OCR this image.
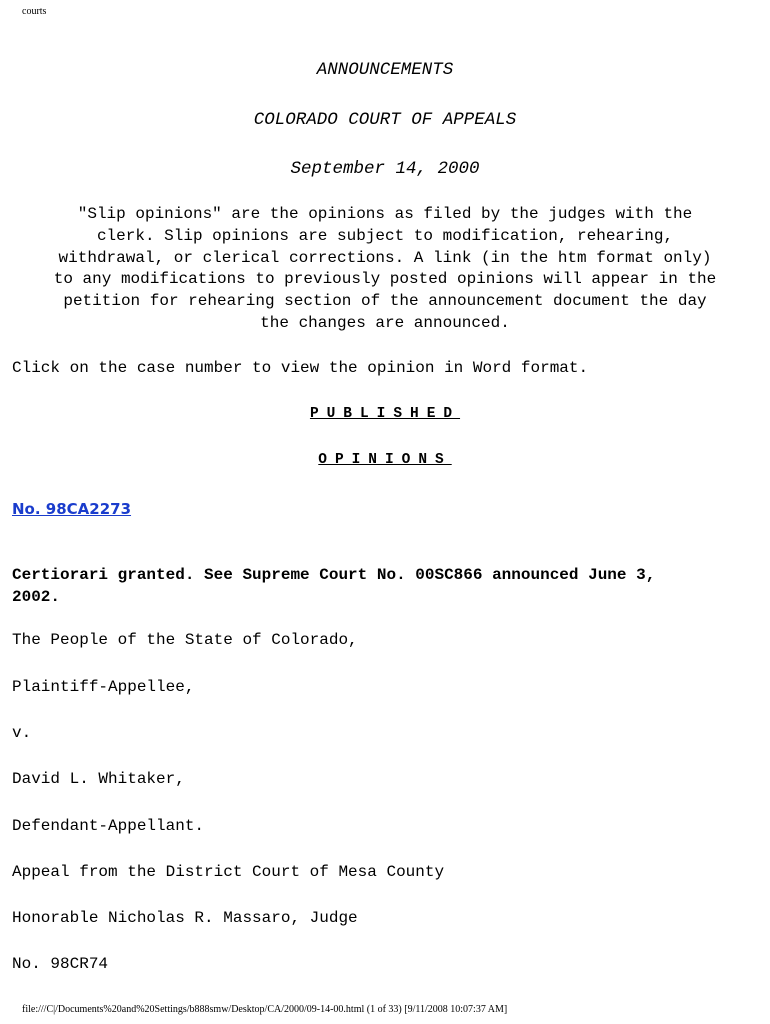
courts
ANNOUNCEMENTS
COLORADO COURT OF APPEALS
September 14, 2000
"Slip opinions" are the opinions as filed by the judges with the
clerk. Slip opinions are subject to modification, rehearing,
withdrawal, or clerical corrections. A link (in the htm format only)
to any modifications to previously posted opinions will appear in the
petition for rehearing section of the announcement document the day
the changes are announced.
Click on the case number to view the opinion in Word format.
PUBLISHED
OPINIONS
No. 98CA2273
Certiorari granted. See Supreme Court No. 00SC866 announced June 3,
2002.
The People of the State of Colorado,
Plaintiff-Appellee,
v.
David L. Whitaker,
Defendant-Appellant.
Appeal from the District Court of Mesa County
Honorable Nicholas R. Massaro, Judge
No. 98CR74
file:///C|/Documents%20and%20Settings/b888smw/Desktop/CA/2000/09-14-00.html (1 of 33) [9/11/2008 10:07:37 AM]
